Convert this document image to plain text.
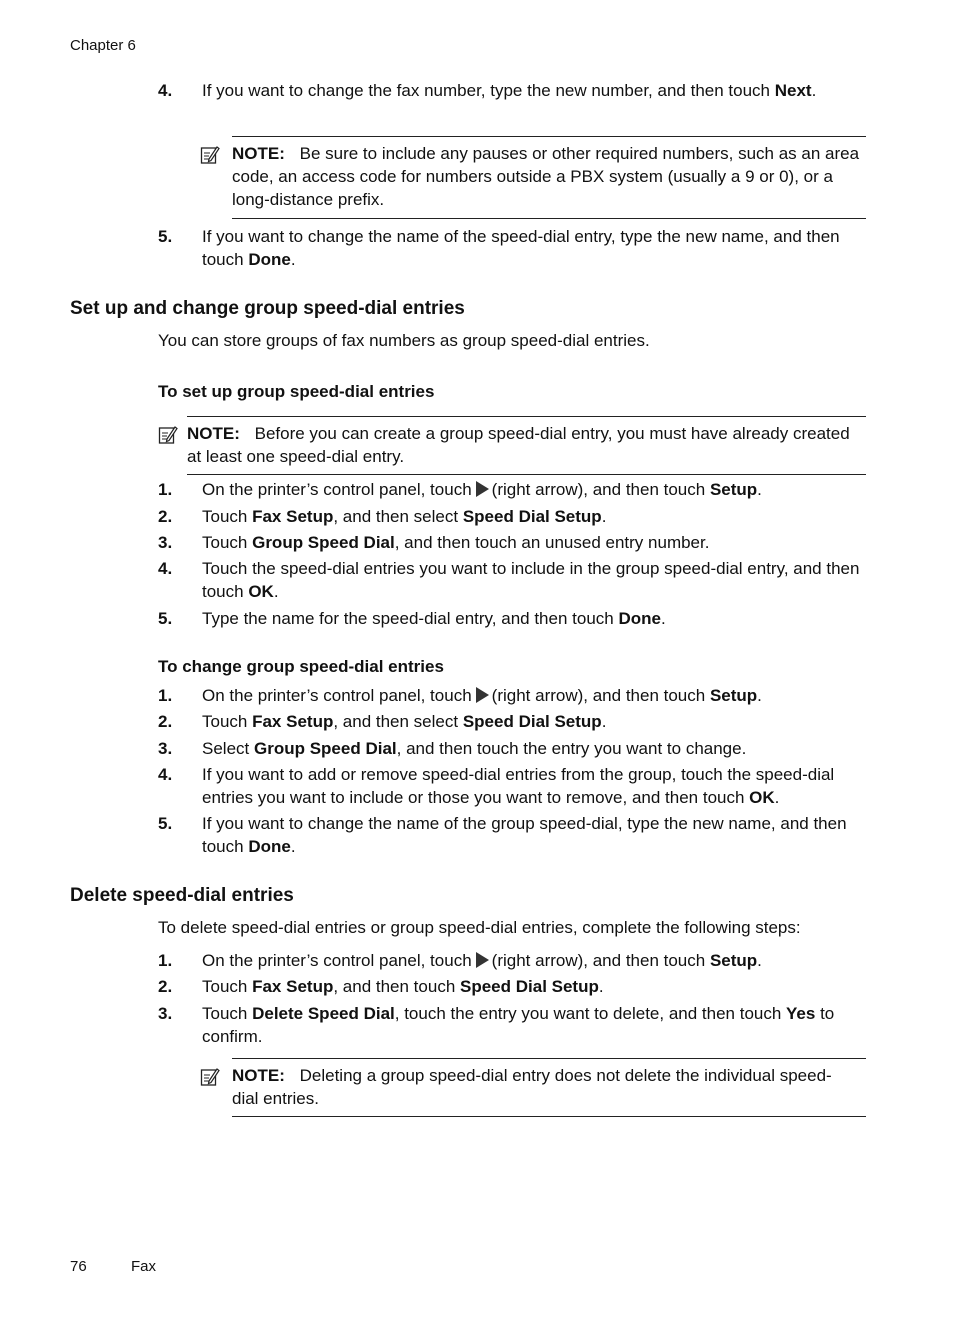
Chapter 6
76	Fax
4. If you want to change the fax number, type the new number, and then touch Next.
NOTE: Be sure to include any pauses or other required numbers, such as an area code, an access code for numbers outside a PBX system (usually a 9 or 0), or a long-distance prefix.
5. If you want to change the name of the speed-dial entry, type the new name, and then touch Done.
Set up and change group speed-dial entries
You can store groups of fax numbers as group speed-dial entries.
To set up group speed-dial entries
NOTE: Before you can create a group speed-dial entry, you must have already created at least one speed-dial entry.
1. On the printer’s control panel, touch (right arrow), and then touch Setup.
2. Touch Fax Setup, and then select Speed Dial Setup.
3. Touch Group Speed Dial, and then touch an unused entry number.
4. Touch the speed-dial entries you want to include in the group speed-dial entry, and then touch OK.
5. Type the name for the speed-dial entry, and then touch Done.
To change group speed-dial entries
1. On the printer’s control panel, touch (right arrow), and then touch Setup.
2. Touch Fax Setup, and then select Speed Dial Setup.
3. Select Group Speed Dial, and then touch the entry you want to change.
4. If you want to add or remove speed-dial entries from the group, touch the speed-dial entries you want to include or those you want to remove, and then touch OK.
5. If you want to change the name of the group speed-dial, type the new name, and then touch Done.
Delete speed-dial entries
To delete speed-dial entries or group speed-dial entries, complete the following steps:
1. On the printer’s control panel, touch (right arrow), and then touch Setup.
2. Touch Fax Setup, and then touch Speed Dial Setup.
3. Touch Delete Speed Dial, touch the entry you want to delete, and then touch Yes to confirm.
NOTE: Deleting a group speed-dial entry does not delete the individual speed-dial entries.
